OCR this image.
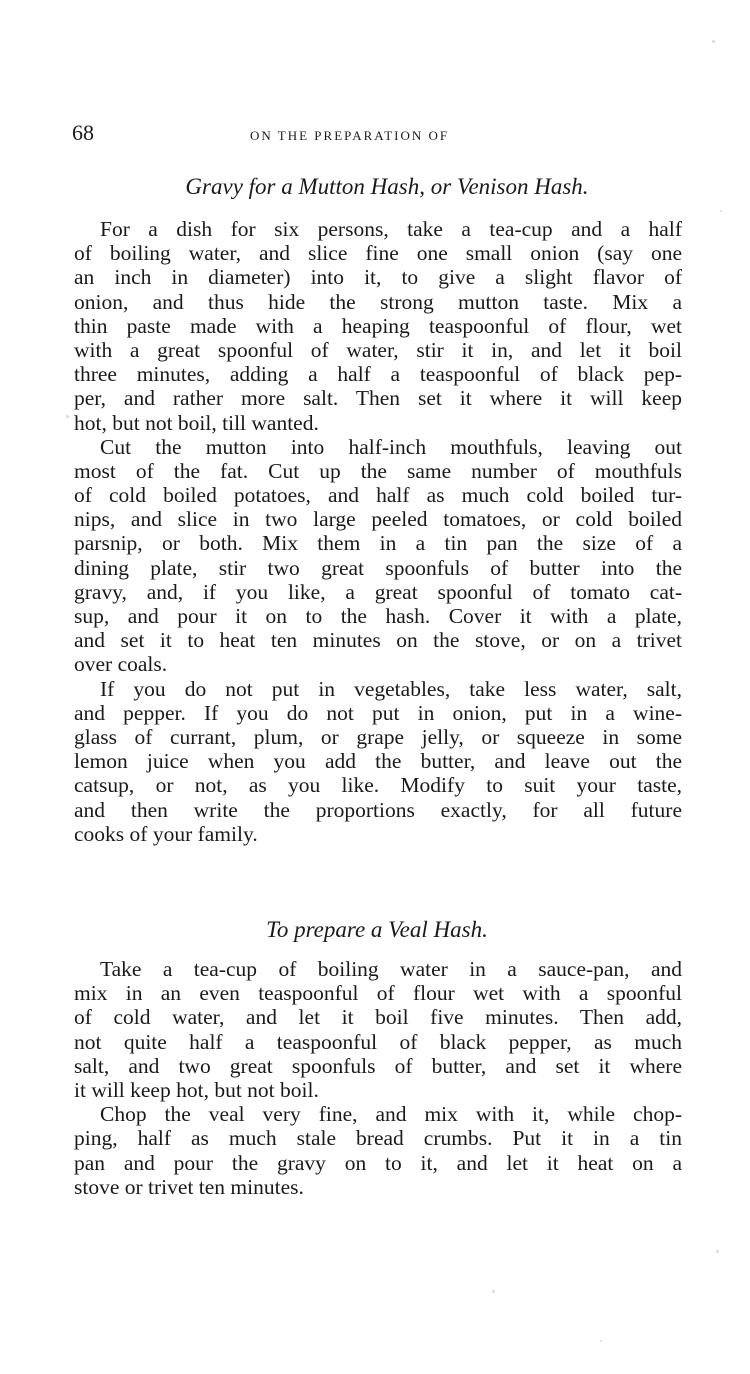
68	ON THE PREPARATION OF
Gravy for a Mutton Hash, or Venison Hash.
For a dish for six persons, take a tea-cup and a half
of boiling water, and slice fine one small onion (say one
an inch in diameter) into it, to give a slight flavor of
onion, and thus hide the strong mutton taste. Mix a
thin paste made with a heaping teaspoonful of flour, wet
with a great spoonful of water, stir it in, and let it boil
three minutes, adding a half a teaspoonful of black pep-
per, and rather more salt. Then set it where it will keep
hot, but not boil, till wanted.
Cut the mutton into half-inch mouthfuls, leaving out
most of the fat. Cut up the same number of mouthfuls
of cold boiled potatoes, and half as much cold boiled tur-
nips, and slice in two large peeled tomatoes, or cold boiled
parsnip, or both. Mix them in a tin pan the size of a
dining plate, stir two great spoonfuls of butter into the
gravy, and, if you like, a great spoonful of tomato cat-
sup, and pour it on to the hash. Cover it with a plate,
and set it to heat ten minutes on the stove, or on a trivet
over coals.
If you do not put in vegetables, take less water, salt,
and pepper. If you do not put in onion, put in a wine-
glass of currant, plum, or grape jelly, or squeeze in some
lemon juice when you add the butter, and leave out the
catsup, or not, as you like. Modify to suit your taste,
and then write the proportions exactly, for all future
cooks of your family.
To prepare a Veal Hash.
Take a tea-cup of boiling water in a sauce-pan, and
mix in an even teaspoonful of flour wet with a spoonful
of cold water, and let it boil five minutes. Then add,
not quite half a teaspoonful of black pepper, as much
salt, and two great spoonfuls of butter, and set it where
it will keep hot, but not boil.
Chop the veal very fine, and mix with it, while chop-
ping, half as much stale bread crumbs. Put it in a tin
pan and pour the gravy on to it, and let it heat on a
stove or trivet ten minutes.
